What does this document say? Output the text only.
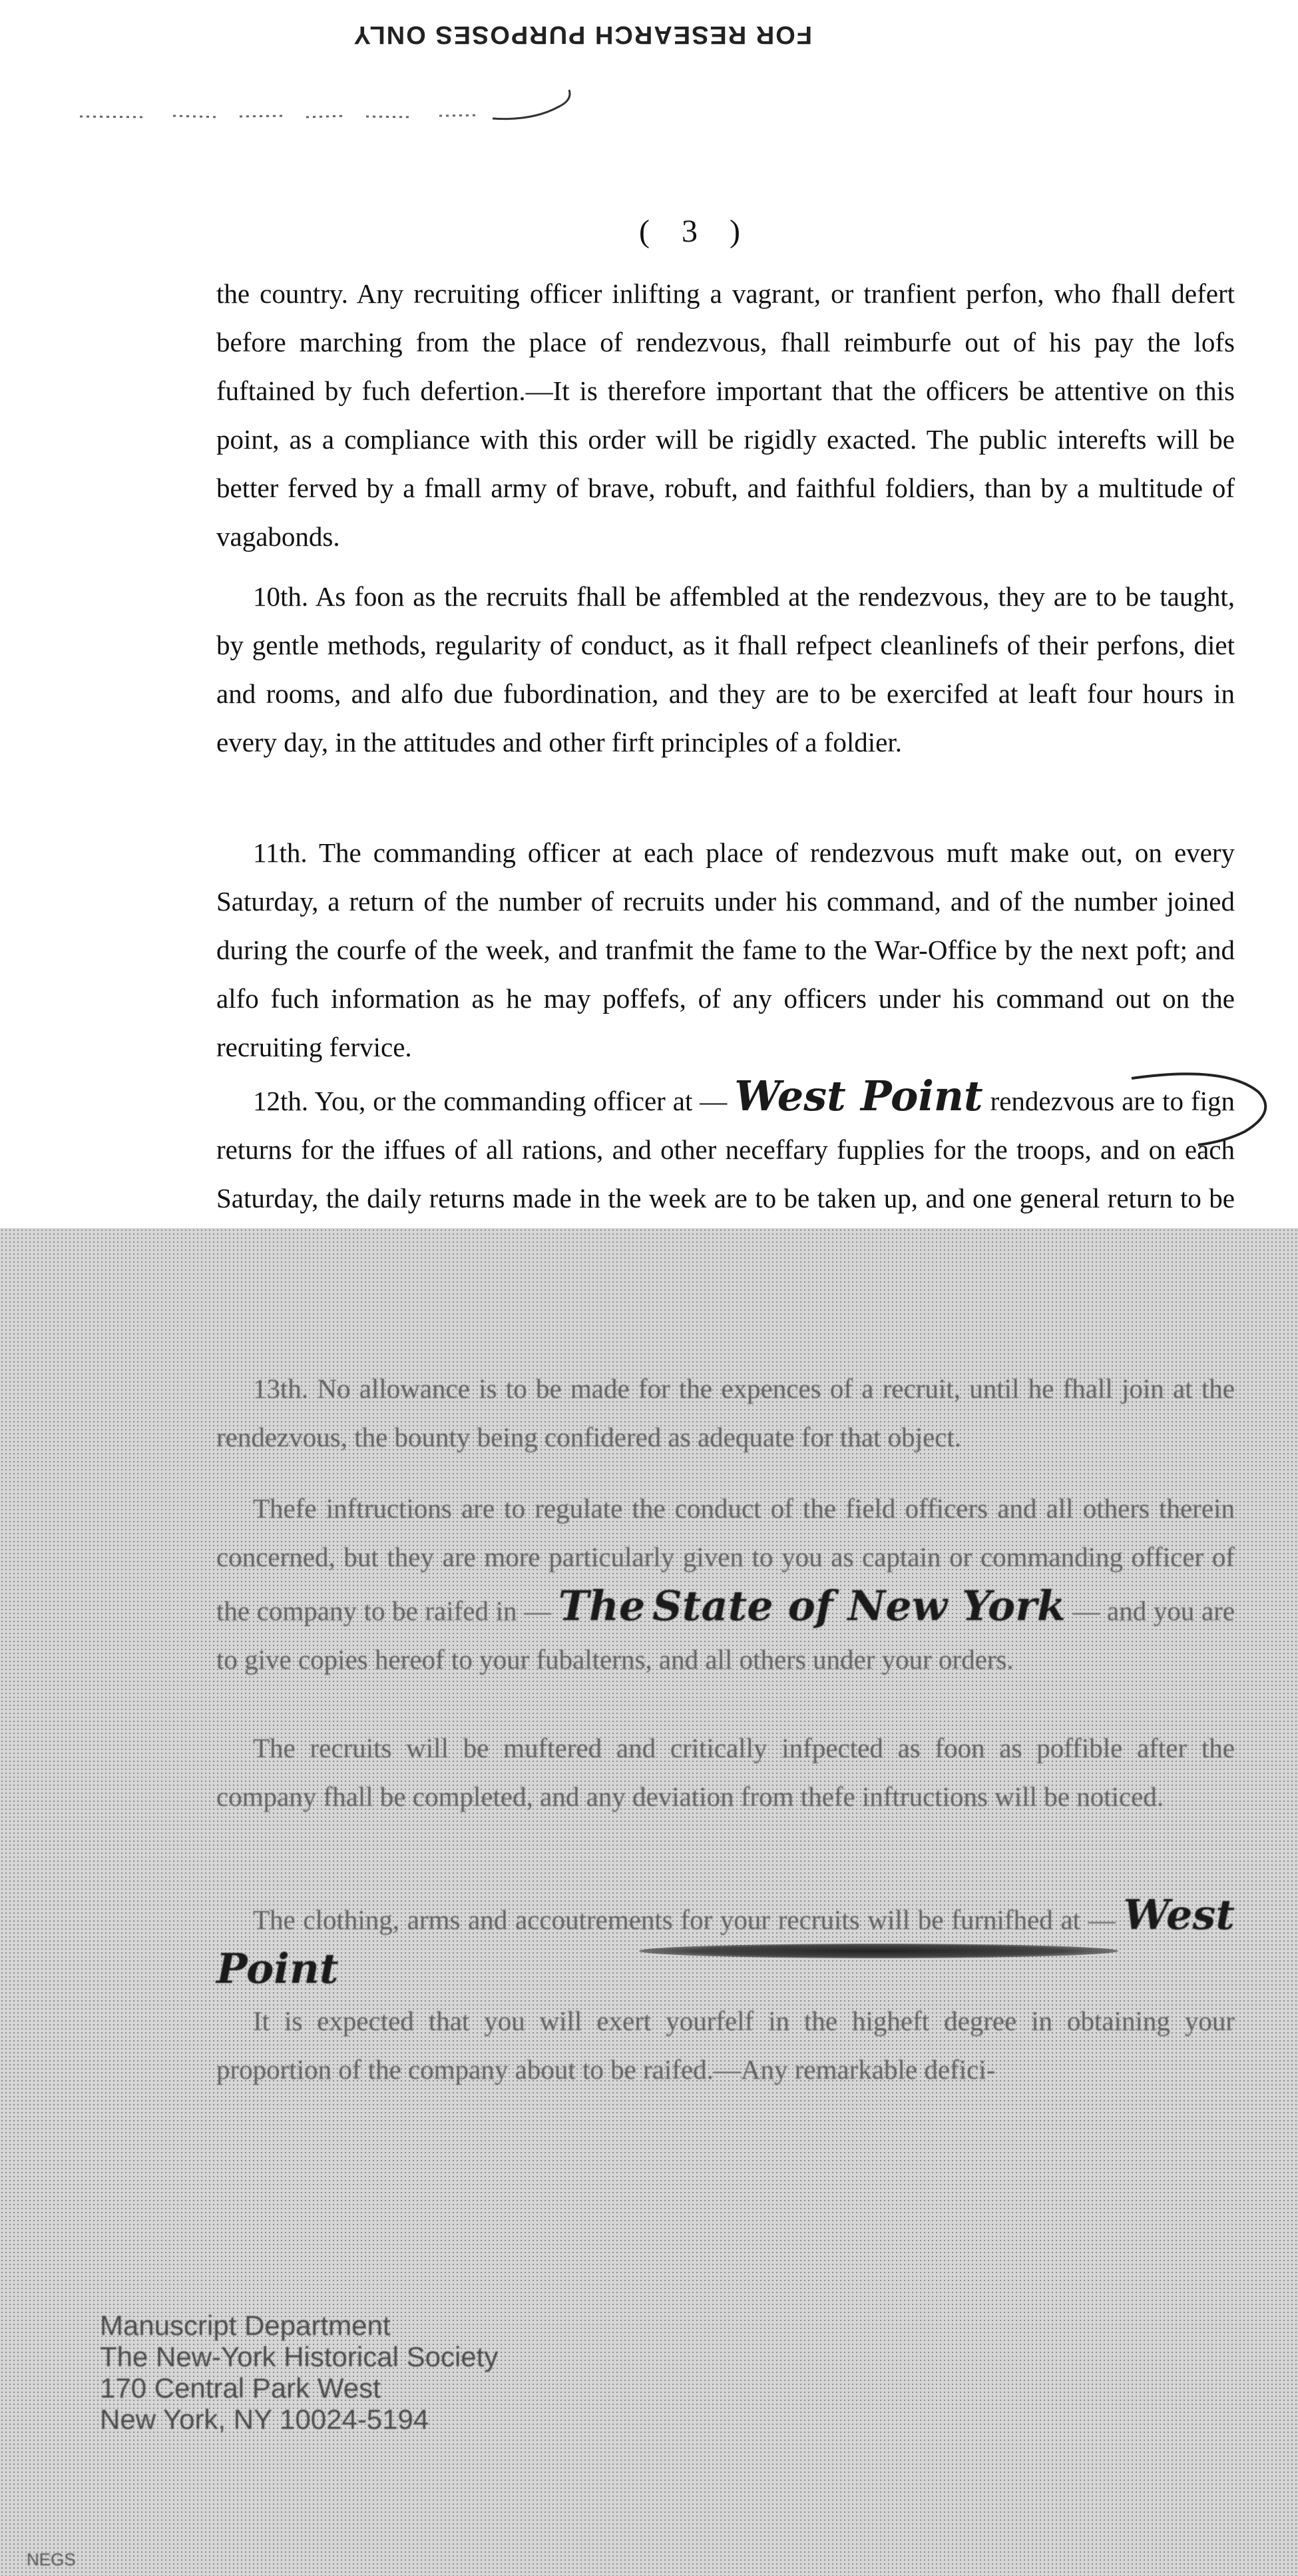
FOR RESEARCH PURPOSES ONLY
( 3 )
the country. Any recruiting officer inlifting a vagrant, or tranfient perfon, who fhall defert before marching from the place of rendezvous, fhall reimburfe out of his pay the lofs fuftained by fuch defertion.—It is therefore important that the officers be attentive on this point, as a compliance with this order will be rigidly exacted. The public interefts will be better ferved by a fmall army of brave, robuft, and faithful foldiers, than by a multitude of vagabonds.
10th. As foon as the recruits fhall be affembled at the rendezvous, they are to be taught, by gentle methods, regularity of conduct, as it fhall refpect cleanlinefs of their perfons, diet and rooms, and alfo due fubordination, and they are to be exercifed at leaft four hours in every day, in the attitudes and other firft principles of a foldier.
11th. The commanding officer at each place of rendezvous muft make out, on every Saturday, a return of the number of recruits under his command, and of the number joined during the courfe of the week, and tranfmit the fame to the War-Office by the next poft; and alfo fuch information as he may poffefs, of any officers under his command out on the recruiting fervice.
12th. You, or the commanding officer at — West Point rendezvous are to fign returns for the iffues of all rations, and other neceffary fupplies for the troops, and on each Saturday, the daily returns made in the week are to be taken up, and one general return to be
13th. No allowance is to be made for the expences of a recruit, until he fhall join at the rendezvous, the bounty being confidered as adequate for that object.
Thefe inftructions are to regulate the conduct of the field officers and all others therein concerned, but they are more particularly given to you as captain or commanding officer of the company to be raifed in — The State of New York — and you are to give copies hereof to your fubalterns, and all others under your orders.
The recruits will be muftered and critically infpected as foon as poffible after the company fhall be completed, and any deviation from thefe inftructions will be noticed.
The clothing, arms and accoutrements for your recruits will be furnifhed at — West Point
It is expected that you will exert yourfelf in the higheft degree in obtaining your proportion of the company about to be raifed.—Any remarkable defici-
Manuscript Department
The New-York Historical Society
170 Central Park West
New York, NY 10024-5194
NEGS
